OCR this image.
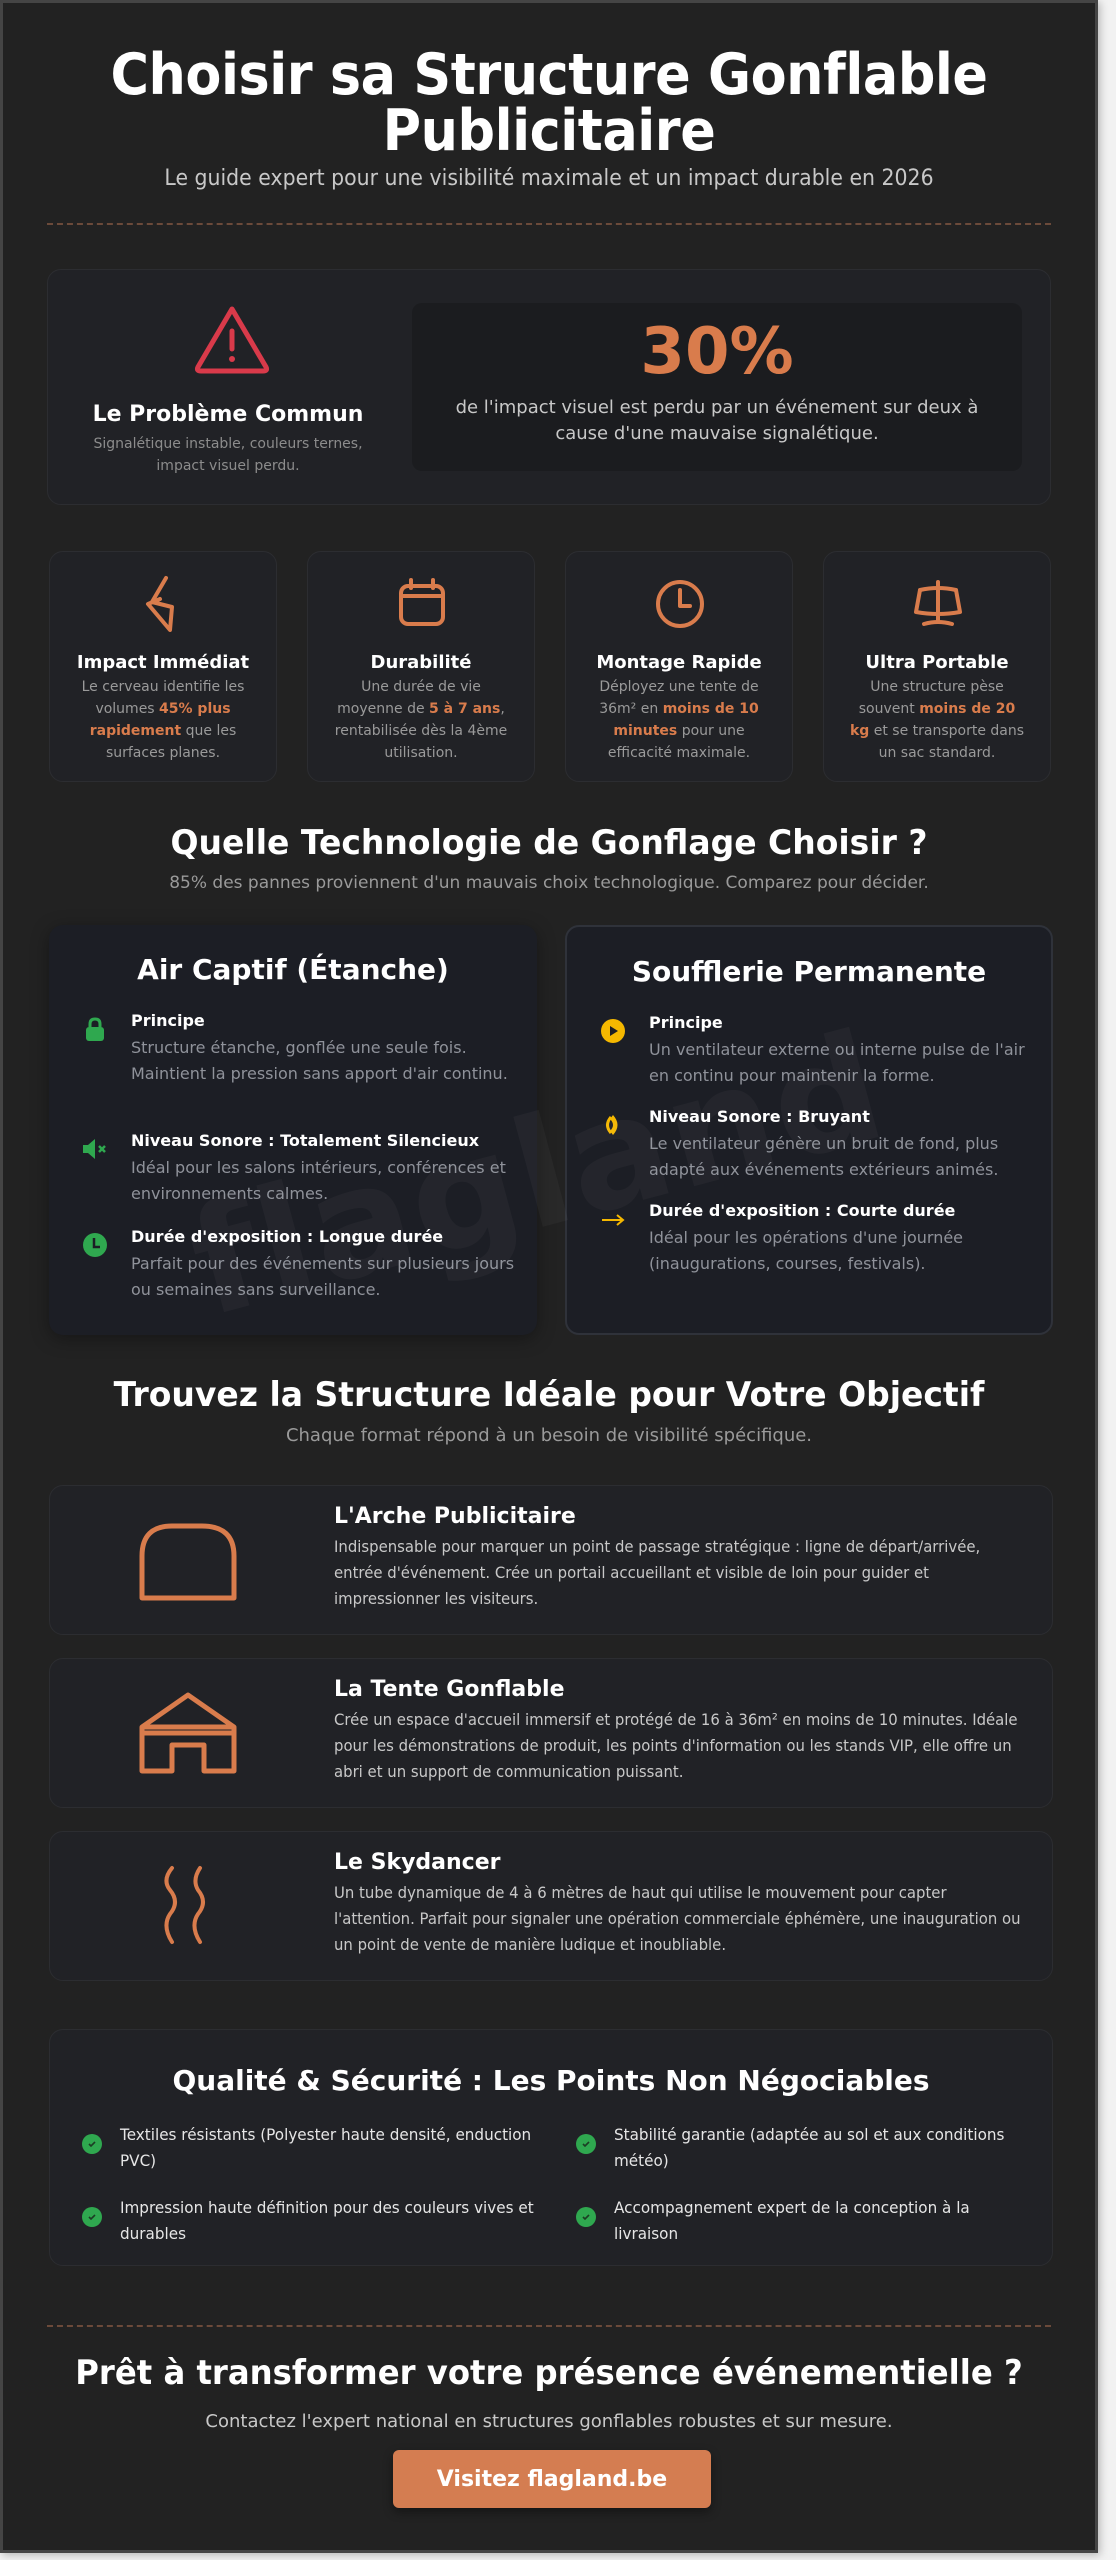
Choisir sa Structure Gonflable
Publicitaire
Le guide expert pour une visibilité maximale et un impact durable en 2026
Le Problème Commun
Signalétique instable, couleurs ternes,
impact visuel perdu.
30%
de l'impact visuel est perdu par un événement sur deux à
cause d'une mauvaise signalétique.
Impact Immédiat
Le cerveau identifie les
volumes 45% plus
rapidement que les
surfaces planes.
Durabilité
Une durée de vie
moyenne de 5 à 7 ans,
rentabilisée dès la 4ème
utilisation.
Montage Rapide
Déployez une tente de
36m² en moins de 10
minutes pour une
efficacité maximale.
Ultra Portable
Une structure pèse
souvent moins de 20
kg et se transporte dans
un sac standard.
Quelle Technologie de Gonflage Choisir ?
85% des pannes proviennent d'un mauvais choix technologique. Comparez pour décider.
Air Captif (Étanche)
Principe
Structure étanche, gonflée une seule fois. Maintient la pression sans apport d'air continu.
Niveau Sonore : Totalement Silencieux
Idéal pour les salons intérieurs, conférences et environnements calmes.
Durée d'exposition : Longue durée
Parfait pour des événements sur plusieurs jours ou semaines sans surveillance.
Soufflerie Permanente
Principe
Un ventilateur externe ou interne pulse de l'air en continu pour maintenir la forme.
Niveau Sonore : Bruyant
Le ventilateur génère un bruit de fond, plus adapté aux événements extérieurs animés.
Durée d'exposition : Courte durée
Idéal pour les opérations d'une journée (inaugurations, courses, festivals).
Trouvez la Structure Idéale pour Votre Objectif
Chaque format répond à un besoin de visibilité spécifique.
L'Arche Publicitaire
Indispensable pour marquer un point de passage stratégique : ligne de départ/arrivée, entrée d'événement. Crée un portail accueillant et visible de loin pour guider et impressionner les visiteurs.
La Tente Gonflable
Crée un espace d'accueil immersif et protégé de 16 à 36m² en moins de 10 minutes. Idéale pour les démonstrations de produit, les points d'information ou les stands VIP, elle offre un abri et un support de communication puissant.
Le Skydancer
Un tube dynamique de 4 à 6 mètres de haut qui utilise le mouvement pour capter l'attention. Parfait pour signaler une opération commerciale éphémère, une inauguration ou un point de vente de manière ludique et inoubliable.
Qualité & Sécurité : Les Points Non Négociables
Textiles résistants (Polyester haute densité, enduction PVC)
Stabilité garantie (adaptée au sol et aux conditions météo)
Impression haute définition pour des couleurs vives et durables
Accompagnement expert de la conception à la livraison
Prêt à transformer votre présence événementielle ?
Contactez l'expert national en structures gonflables robustes et sur mesure.
Visitez flagland.be
